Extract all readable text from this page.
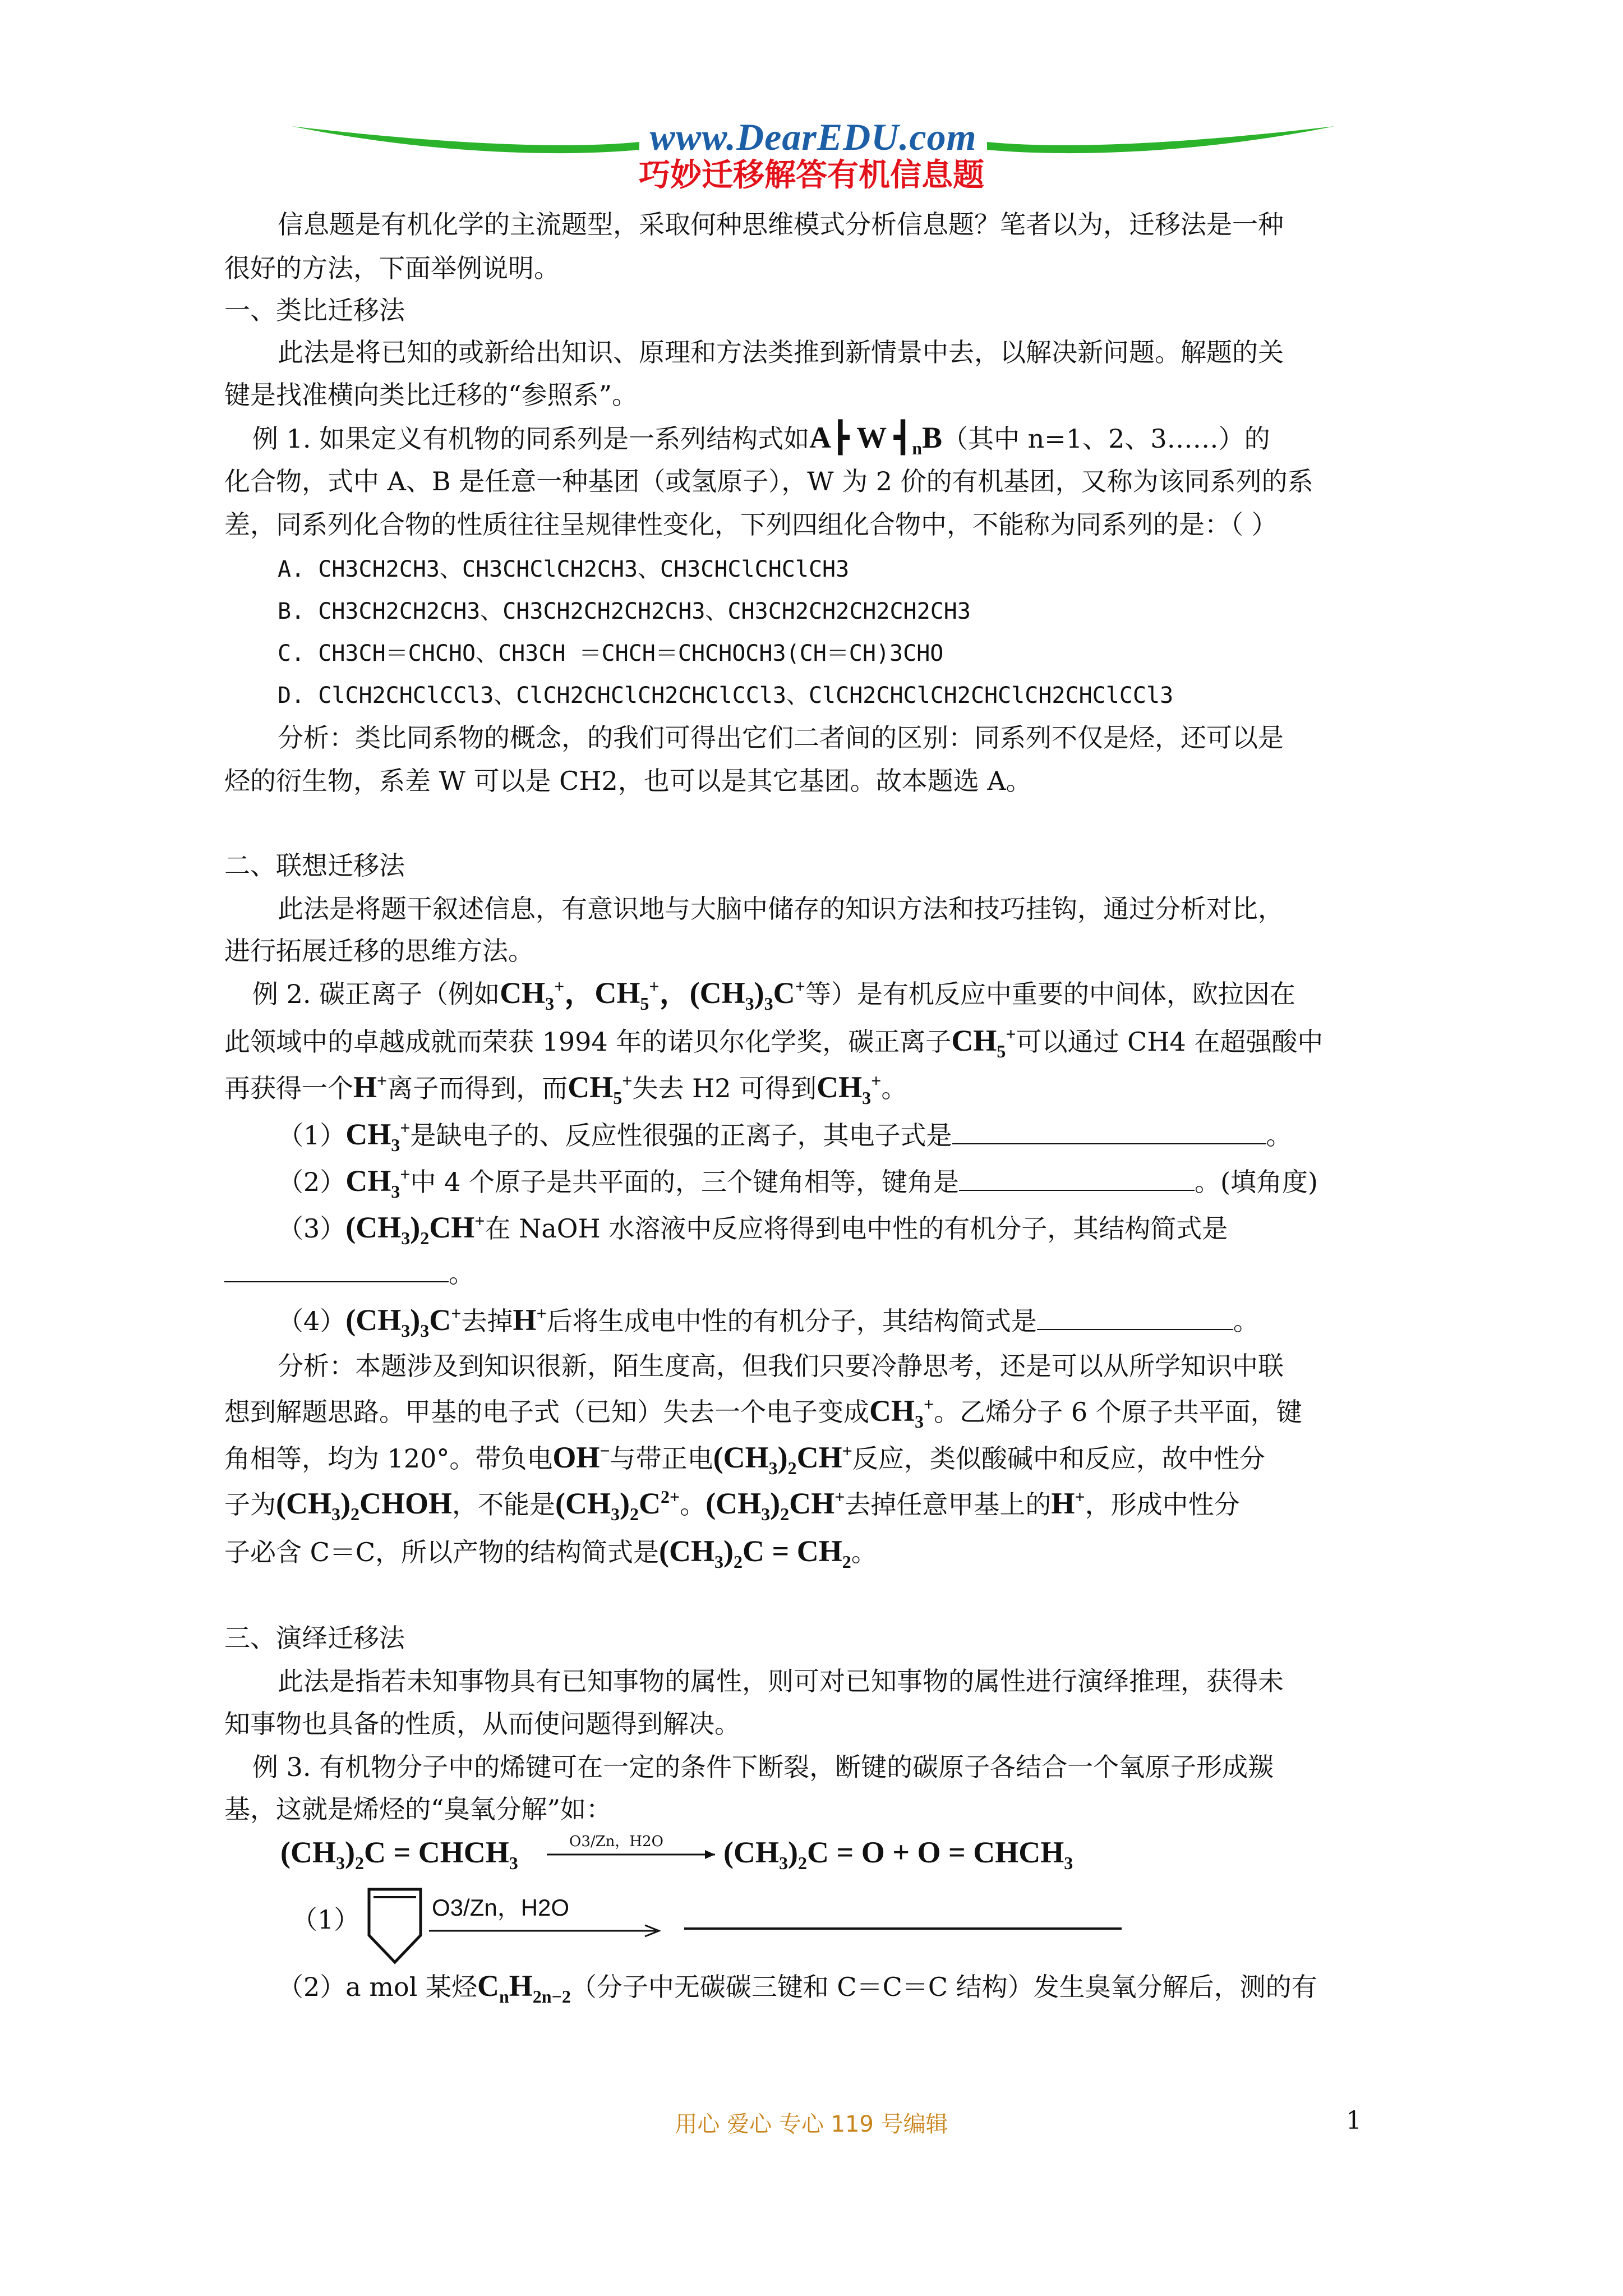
www.DearEDU.com
巧妙迁移解答有机信息题
信息题是有机化学的主流题型，采取何种思维模式分析信息题？笔者以为，迁移法是一种
很好的方法，下面举例说明。
一、类比迁移法
此法是将已知的或新给出知识、原理和方法类推到新情景中去，以解决新问题。解题的关
键是找准横向类比迁移的“参照系”。
例 1. 如果定义有机物的同系列是一系列结构式如A┣ W $┫_nB$（其中 n=1、2、3……）的
化合物，式中 A、B 是任意一种基团（或氢原子），W 为 2 价的有机基团，又称为该同系列的系
差，同系列化合物的性质往往呈规律性变化，下列四组化合物中，不能称为同系列的是：（ ）
A. CH3CH2CH3、CH3CHClCH2CH3、CH3CHClCHClCH3
B. CH3CH2CH2CH3、CH3CH2CH2CH2CH3、CH3CH2CH2CH2CH2CH3
C. CH3CH＝CHCHO、CH3CH ＝CHCH＝CHCHOCH3(CH＝CH)3CHO
D. ClCH2CHClCCl3、ClCH2CHClCH2CHClCCl3、ClCH2CHClCH2CHClCH2CHClCCl3
分析：类比同系物的概念，的我们可得出它们二者间的区别：同系列不仅是烃，还可以是
烃的衍生物，系差 W 可以是 CH2，也可以是其它基团。故本题选 A。
二、联想迁移法
此法是将题干叙述信息，有意识地与大脑中储存的知识方法和技巧挂钩，通过分析对比，
进行拓展迁移的思维方法。
例 2. 碳正离子（例如$CH_3^+$，$CH_5^+$，$(CH_3)_3C^+$等）是有机反应中重要的中间体，欧拉因在
此领域中的卓越成就而荣获 1994 年的诺贝尔化学奖，碳正离子$CH_5^+$可以通过 CH4 在超强酸中
再获得一个H+离子而得到，而$CH_5^+$失去 H2 可得到$CH_3^+$。
$(1)CH_3^+$是缺电子的、反应性很强的正离子，其电子式是	。
$(2)CH_3^+$中 4 个原子是共平面的，三个键角相等，键角是	。(填角度)
$(3)(CH_3)_2CH^+$在 NaOH 水溶液中反应将得到电中性的有机分子，其结构简式是
。
$(4)(CH_3)_3C^+$去掉H+后将生成电中性的有机分子，其结构简式是	。
分析：本题涉及到知识很新，陌生度高，但我们只要冷静思考，还是可以从所学知识中联
想到解题思路。甲基的电子式（已知）失去一个电子变成$CH_3^+$。乙烯分子 6 个原子共平面，键
角相等，均为 120°。带负电OH−与带正电$(CH_3)_2CH^+$反应，类似酸碱中和反应，故中性分
子为$(CH_3)_2CHOH$，不能是$(CH_3)_2C^{2+}$。$(CH_3)_2CH^+$去掉任意甲基上的H+，形成中性分
子必含 C＝C，所以产物的结构简式是$(CH_3)_2C = CH_2$。
三、演绎迁移法
此法是指若未知事物具有已知事物的属性，则可对已知事物的属性进行演绎推理，获得未
知事物也具备的性质，从而使问题得到解决。
例 3. 有机物分子中的烯键可在一定的条件下断裂，断键的碳原子各结合一个氧原子形成羰
基，这就是烯烃的“臭氧分解”如：
$(CH_3)_2C$ = $CHCH_3$
O3/Zn，H2O $(CH_3)_2C = O + O$ = $CHCH_3$
（1）	O3/Zn，H2O
（2）a mol 某烃$C_nH_{2n-2}$（分子中无碳碳三键和 C＝C＝C 结构）发生臭氧分解后，测的有
用心 爱心 专心 119 号编辑	1
